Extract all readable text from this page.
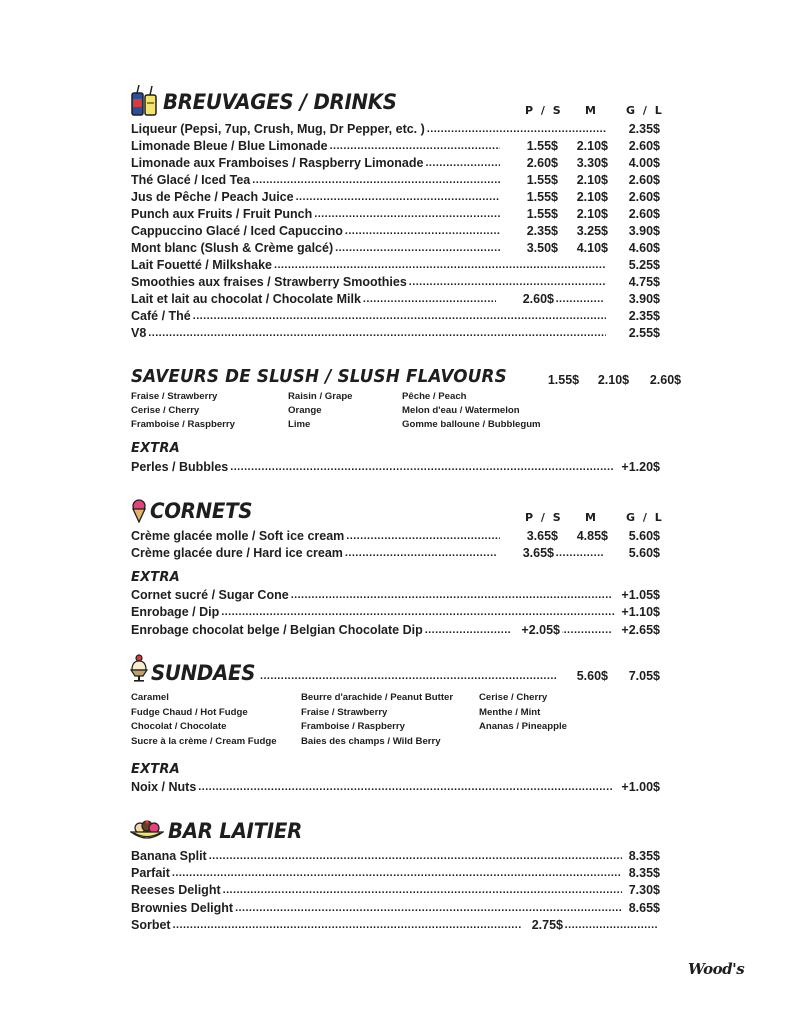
BREUVAGES / DRINKS	P / S M	G / L
Liqueur (Pepsi, 7up, Crush, Mug, Dr Pepper, etc. ) .....	2.35$
Limonade Bleue / Blue Limonade .....	1.55$	2.10$	2.60$
Limonade aux Framboises / Raspberry Limonade .....	2.60$	3.30$	4.00$
Thé Glacé / Iced Tea .....	1.55$	2.10$	2.60$
Jus de Pêche / Peach Juice .....	1.55$	2.10$	2.60$
Punch aux Fruits / Fruit Punch .....	1.55$	2.10$	2.60$
Cappuccino Glacé / Iced Capuccino .....	2.35$	3.25$	3.90$
Mont blanc (Slush & Crème galcé) .....	3.50$	4.10$	4.60$
Lait Fouetté / Milkshake .....	5.25$
Smoothies aux fraises / Strawberry Smoothies .....	4.75$
Lait et lait au chocolat / Chocolate Milk .....	2.60$ .....	3.90$
Café / Thé .....	2.35$
V8 .....	2.55$
SAVEURS DE SLUSH / SLUSH FLAVOURS	1.55$	2.10$	2.60$
Fraise / Strawberry
Cerise / Cherry
Framboise / Raspberry
Raisin / Grape
Orange
Lime
Pêche / Peach
Melon d'eau / Watermelon
Gomme balloune / Bubblegum
EXTRA
Perles / Bubbles .....	+1.20$
CORNETS	P / S M	G / L
Crème glacée molle / Soft ice cream .....	3.65$	4.85$	5.60$
Crème glacée dure / Hard ice cream .....	3.65$ .....	5.60$
EXTRA
Cornet sucré / Sugar Cone .....	+1.05$
Enrobage / Dip .....	+1.10$
Enrobage chocolat belge / Belgian Chocolate Dip .....	+2.05$ .....	+2.65$
SUNDAES .....	5.60$	7.05$
Caramel
Fudge Chaud / Hot Fudge
Chocolat / Chocolate
Sucre à la crème / Cream Fudge
Beurre d'arachide / Peanut Butter
Fraise / Strawberry
Framboise / Raspberry
Baies des champs / Wild Berry
Cerise / Cherry
Menthe / Mint
Ananas / Pineapple
EXTRA
Noix / Nuts .....	+1.00$
BAR LAITIER
Banana Split .....	8.35$
Parfait .....	8.35$
Reeses Delight .....	7.30$
Brownies Delight .....	8.65$
Sorbet .....	2.75$
.....
Wood's
